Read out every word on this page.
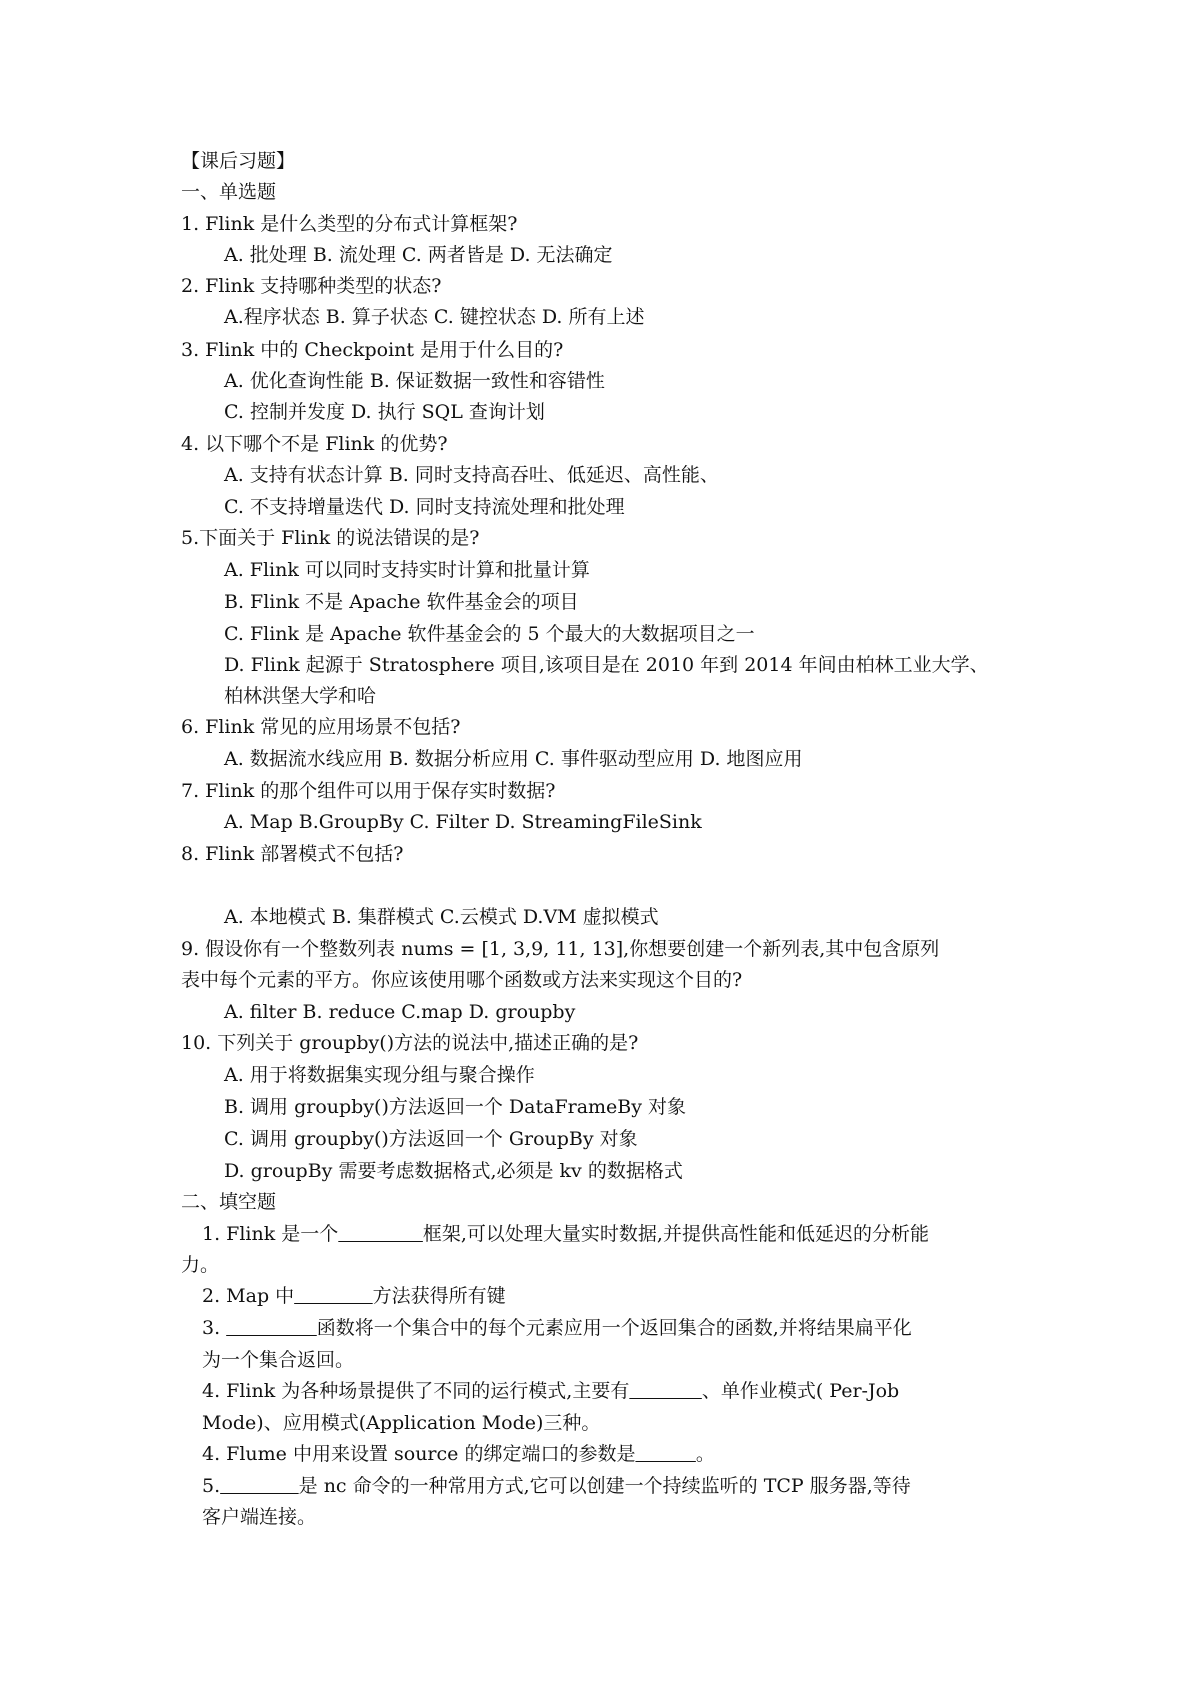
【课后习题】
一、单选题
1. Flink 是什么类型的分布式计算框架?
A. 批处理 B. 流处理 C. 两者皆是 D. 无法确定
2. Flink 支持哪种类型的状态?
A.程序状态 B. 算子状态 C. 键控状态 D. 所有上述
3. Flink 中的 Checkpoint 是用于什么目的?
A. 优化查询性能 B. 保证数据一致性和容错性
C. 控制并发度 D. 执行 SQL 查询计划
4. 以下哪个不是 Flink 的优势?
A. 支持有状态计算 B. 同时支持高吞吐、低延迟、高性能、
C. 不支持增量迭代 D. 同时支持流处理和批处理
5.下面关于 Flink 的说法错误的是?
A. Flink 可以同时支持实时计算和批量计算
B. Flink 不是 Apache 软件基金会的项目
C. Flink 是 Apache 软件基金会的 5 个最大的大数据项目之一
D. Flink 起源于 Stratosphere 项目,该项目是在 2010 年到 2014 年间由柏林工业大学、
柏林洪堡大学和哈
6. Flink 常见的应用场景不包括?
A. 数据流水线应用 B. 数据分析应用 C. 事件驱动型应用 D. 地图应用
7. Flink 的那个组件可以用于保存实时数据?
A. Map B.GroupBy C. Filter D. StreamingFileSink
8. Flink 部署模式不包括?
A. 本地模式 B. 集群模式 C.云模式 D.VM 虚拟模式
9. 假设你有一个整数列表 nums = [1, 3,9, 11, 13],你想要创建一个新列表,其中包含原列
表中每个元素的平方。你应该使用哪个函数或方法来实现这个目的?
A. filter B. reduce C.map D. groupby
10. 下列关于 groupby()方法的说法中,描述正确的是?
A. 用于将数据集实现分组与聚合操作
B. 调用 groupby()方法返回一个 DataFrameBy 对象
C. 调用 groupby()方法返回一个 GroupBy 对象
D. groupBy 需要考虑数据格式,必须是 kv 的数据格式
二、填空题
1. Flink 是一个	框架,可以处理大量实时数据,并提供高性能和低延迟的分析能
力。
2. Map 中	方法获得所有键
3.	函数将一个集合中的每个元素应用一个返回集合的函数,并将结果扁平化
为一个集合返回。
4. Flink 为各种场景提供了不同的运行模式,主要有	、单作业模式( Per-Job
Mode)、应用模式(Application Mode)三种。
4. Flume 中用来设置 source 的绑定端口的参数是	。
5.	是 nc 命令的一种常用方式,它可以创建一个持续监听的 TCP 服务器,等待
客户端连接。
